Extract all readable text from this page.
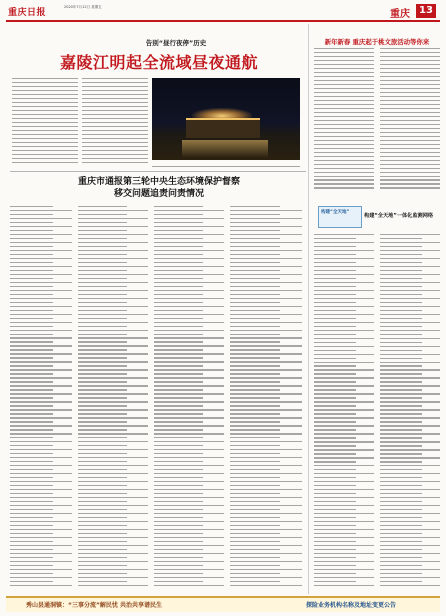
重庆日报
2020年7月12日 星期五
重庆 13
告别“昼行夜停”历史
嘉陵江明起全流域昼夜通航
重庆市通报第三轮中央生态环境保护督察
移交问题追责问责情况
新年新春 重庆起于桃文旅活动等你来
构建“全天地”
构建“全天地”一体化监测网络
秀山县通洞镇：“三事分流”解民忧 共治共享谱民生	探险业务机构名称及地址变更公告
